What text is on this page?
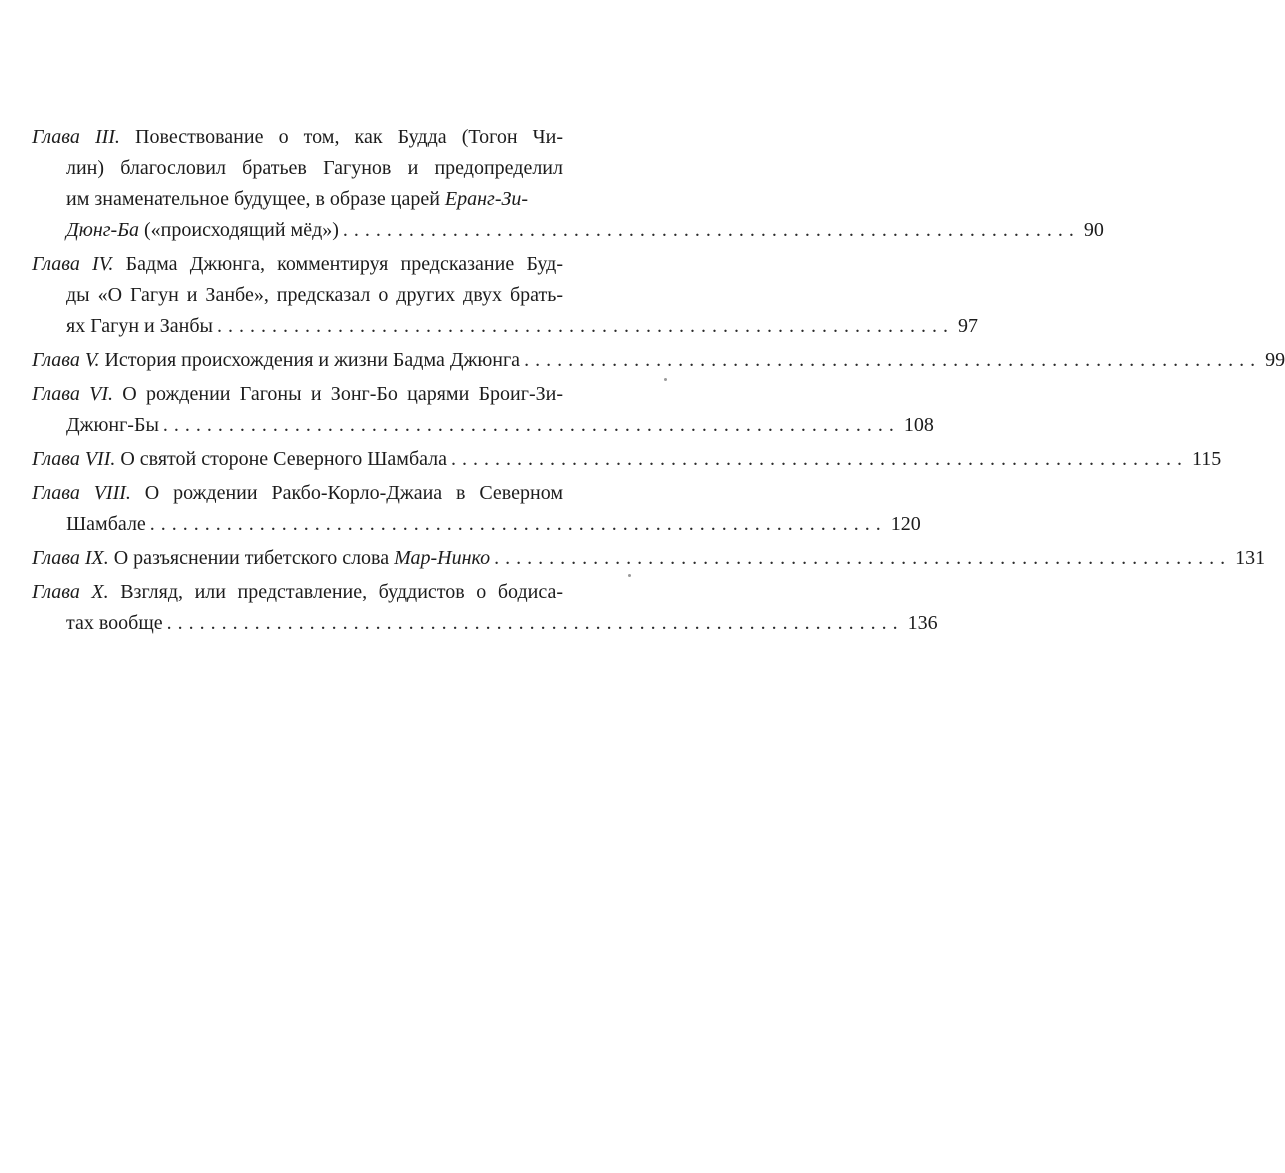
Глава III. Повествование о том, как Будда (Тогон Чи-
лин) благословил братьев Гагунов и предопределил
им знаменательное будущее, в образе царей Еранг-Зи-
Дюнг-Ба («происходящий мёд») ................................................................... 90
Глава IV. Бадма Джюнга, комментируя предсказание Буд-
ды «О Гагун и Занбе», предсказал о других двух брать-
ях Гагун и Занбы ................................................................... 97
Глава V. История происхождения и жизни Бадма Джюнга ................................................................... 99
Глава VI. О рождении Гагоны и Зонг-Бо царями Броиг-Зи-
Джюнг-Бы ................................................................... 108
Глава VII. О святой стороне Северного Шамбала ................................................................... 115
Глава VIII. О рождении Ракбо-Корло-Джаиа в Северном
Шамбале ................................................................... 120
Глава IX. О разъяснении тибетского слова Мар-Нинко ................................................................... 131
Глава X. Взгляд, или представление, буддистов о бодиса-
тах вообще ................................................................... 136
